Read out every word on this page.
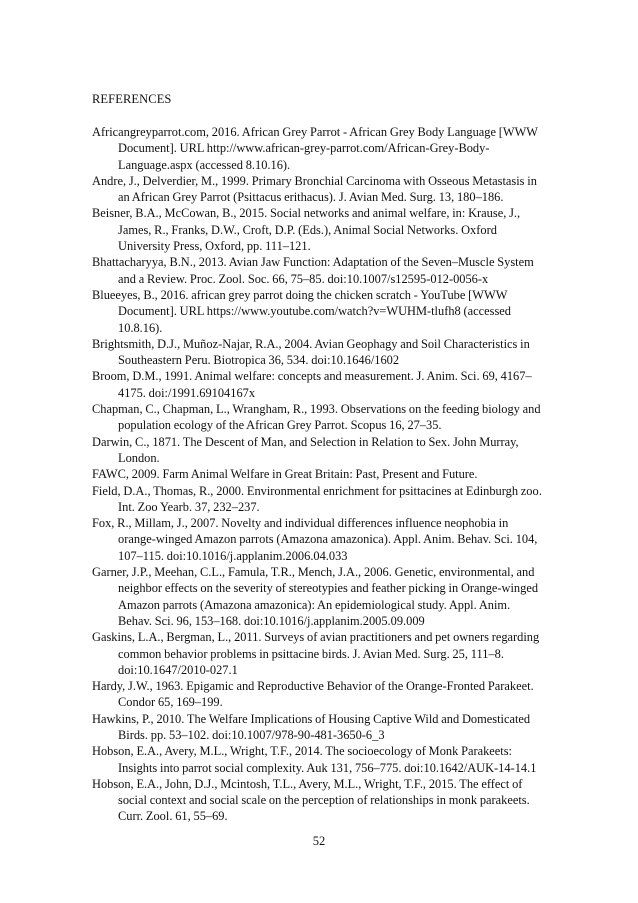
REFERENCES
Africangreyparrot.com, 2016. African Grey Parrot - African Grey Body Language [WWW Document]. URL http://www.african-grey-parrot.com/African-Grey-Body-Language.aspx (accessed 8.10.16).
Andre, J., Delverdier, M., 1999. Primary Bronchial Carcinoma with Osseous Metastasis in an African Grey Parrot (Psittacus erithacus). J. Avian Med. Surg. 13, 180–186.
Beisner, B.A., McCowan, B., 2015. Social networks and animal welfare, in: Krause, J., James, R., Franks, D.W., Croft, D.P. (Eds.), Animal Social Networks. Oxford University Press, Oxford, pp. 111–121.
Bhattacharyya, B.N., 2013. Avian Jaw Function: Adaptation of the Seven–Muscle System and a Review. Proc. Zool. Soc. 66, 75–85. doi:10.1007/s12595-012-0056-x
Blueeyes, B., 2016. african grey parrot doing the chicken scratch - YouTube [WWW Document]. URL https://www.youtube.com/watch?v=WUHM-tlufh8 (accessed 10.8.16).
Brightsmith, D.J., Muñoz-Najar, R.A., 2004. Avian Geophagy and Soil Characteristics in Southeastern Peru. Biotropica 36, 534. doi:10.1646/1602
Broom, D.M., 1991. Animal welfare: concepts and measurement. J. Anim. Sci. 69, 4167–4175. doi:/1991.69104167x
Chapman, C., Chapman, L., Wrangham, R., 1993. Observations on the feeding biology and population ecology of the African Grey Parrot. Scopus 16, 27–35.
Darwin, C., 1871. The Descent of Man, and Selection in Relation to Sex. John Murray, London.
FAWC, 2009. Farm Animal Welfare in Great Britain: Past, Present and Future.
Field, D.A., Thomas, R., 2000. Environmental enrichment for psittacines at Edinburgh zoo. Int. Zoo Yearb. 37, 232–237.
Fox, R., Millam, J., 2007. Novelty and individual differences influence neophobia in orange-winged Amazon parrots (Amazona amazonica). Appl. Anim. Behav. Sci. 104, 107–115. doi:10.1016/j.applanim.2006.04.033
Garner, J.P., Meehan, C.L., Famula, T.R., Mench, J.A., 2006. Genetic, environmental, and neighbor effects on the severity of stereotypies and feather picking in Orange-winged Amazon parrots (Amazona amazonica): An epidemiological study. Appl. Anim. Behav. Sci. 96, 153–168. doi:10.1016/j.applanim.2005.09.009
Gaskins, L.A., Bergman, L., 2011. Surveys of avian practitioners and pet owners regarding common behavior problems in psittacine birds. J. Avian Med. Surg. 25, 111–8. doi:10.1647/2010-027.1
Hardy, J.W., 1963. Epigamic and Reproductive Behavior of the Orange-Fronted Parakeet. Condor 65, 169–199.
Hawkins, P., 2010. The Welfare Implications of Housing Captive Wild and Domesticated Birds. pp. 53–102. doi:10.1007/978-90-481-3650-6_3
Hobson, E.A., Avery, M.L., Wright, T.F., 2014. The socioecology of Monk Parakeets: Insights into parrot social complexity. Auk 131, 756–775. doi:10.1642/AUK-14-14.1
Hobson, E.A., John, D.J., Mcintosh, T.L., Avery, M.L., Wright, T.F., 2015. The effect of social context and social scale on the perception of relationships in monk parakeets. Curr. Zool. 61, 55–69.
52
